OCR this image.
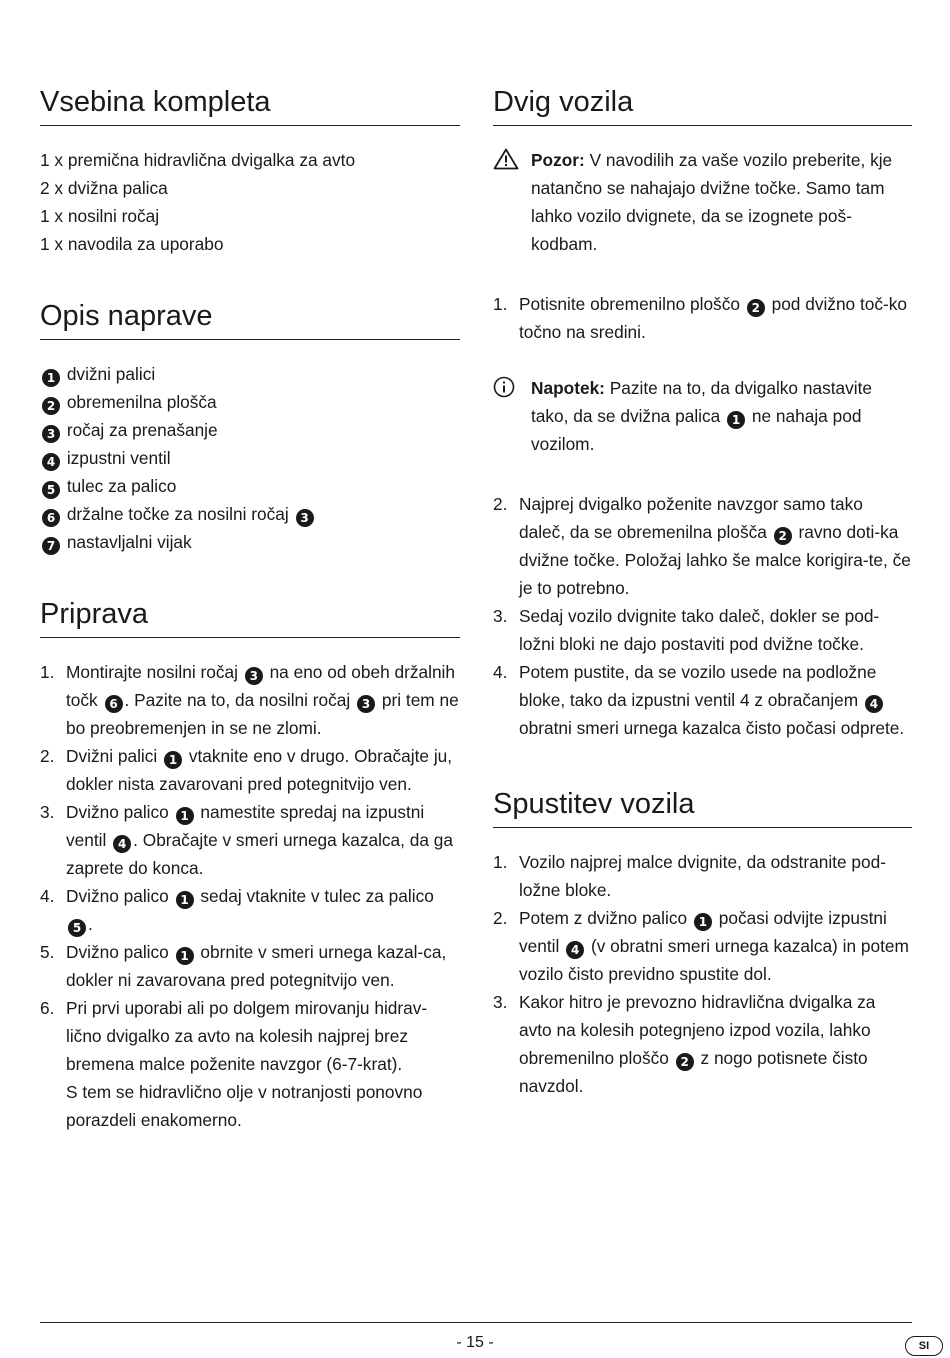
Vsebina kompleta
1 x premična hidravlična dvigalka za avto
2 x dvižna palica
1 x nosilni ročaj
1 x navodila za uporabo
Opis naprave
1 dvižni palici
2 obremenilna plošča
3 ročaj za prenašanje
4 izpustni ventil
5 tulec za palico
6 držalne točke za nosilni ročaj 3
7 nastavljalni vijak
Priprava
1. Montirajte nosilni ročaj 3 na eno od obeh držalnih točk 6 . Pazite na to, da nosilni ročaj 3 pri tem ne bo preobremenjen in se ne zlomi.
2. Dvižni palici 1 vtaknite eno v drugo. Obračajte ju, dokler nista zavarovani pred potegnitvijo ven.
3. Dvižno palico 1 namestite spredaj na izpustni ventil 4 . Obračajte v smeri urnega kazalca, da ga zaprete do konca.
4. Dvižno palico 1 sedaj vtaknite v tulec za palico 5 .
5. Dvižno palico 1 obrnite v smeri urnega kazal-ca, dokler ni zavarovana pred potegnitvijo ven.
6. Pri prvi uporabi ali po dolgem mirovanju hidrav-lično dvigalko za avto na kolesih najprej brez bremena malce poženite navzgor (6-7-krat).
S tem se hidravlično olje v notranjosti ponovno porazdeli enakomerno.
Dvig vozila
Pozor: V navodilih za vaše vozilo preberite, kje natančno se nahajajo dvižne točke. Samo tam lahko vozilo dvignete, da se izognete poš-kodbam.
1. Potisnite obremenilno ploščo 2 pod dvižno toč-ko točno na sredini.
Napotek: Pazite na to, da dvigalko nastavite tako, da se dvižna palica 1 ne nahaja pod vozilom.
2. Najprej dvigalko poženite navzgor samo tako daleč, da se obremenilna plošča 2 ravno doti-ka dvižne točke. Položaj lahko še malce korigira-te, če je to potrebno.
3. Sedaj vozilo dvignite tako daleč, dokler se pod-ložni bloki ne dajo postaviti pod dvižne točke.
4. Potem pustite, da se vozilo usede na podložne bloke, tako da izpustni ventil 4 z obračanjem 4 obratni smeri urnega kazalca čisto počasi odprete.
Spustitev vozila
1. Vozilo najprej malce dvignite, da odstranite pod-ložne bloke.
2. Potem z dvižno palico 1 počasi odvijte izpustni ventil 4 (v obratni smeri urnega kazalca) in potem vozilo čisto previdno spustite dol.
3. Kakor hitro je prevozno hidravlična dvigalka za avto na kolesih potegnjeno izpod vozila, lahko obremenilno ploščo 2 z nogo potisnete čisto navzdol.
- 15 -	SI
